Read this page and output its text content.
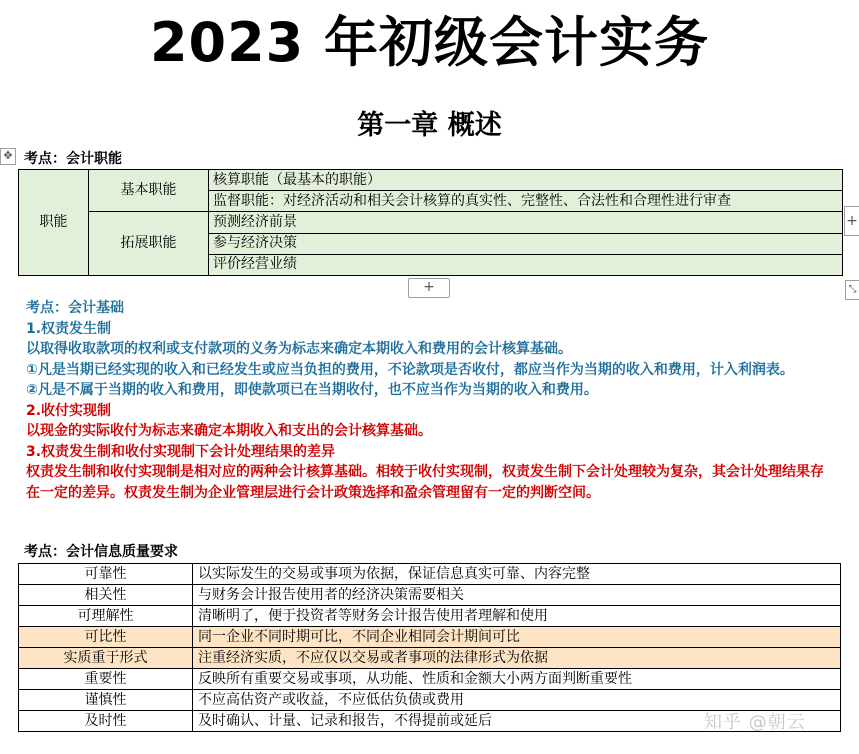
2023 年初级会计实务
第一章 概述
✥ 考点：会计职能
职能	基本职能	核算职能（最基本的职能）
		监督职能：对经济活动和相关会计核算的真实性、完整性、合法性和合理性进行审查
	拓展职能	预测经济前景
		参与经济决策
		评价经营业绩
+
+	⤡
考点：会计基础
1.权责发生制
以取得收取款项的权利或支付款项的义务为标志来确定本期收入和费用的会计核算基础。
①凡是当期已经实现的收入和已经发生或应当负担的费用，不论款项是否收付，都应当作为当期的收入和费用，计入利润表。
②凡是不属于当期的收入和费用，即使款项已在当期收付，也不应当作为当期的收入和费用。
2.收付实现制
以现金的实际收付为标志来确定本期收入和支出的会计核算基础。
3.权责发生制和收付实现制下会计处理结果的差异
权责发生制和收付实现制是相对应的两种会计核算基础。相较于收付实现制，权责发生制下会计处理较为复杂，其会计处理结果存在一定的差异。权责发生制为企业管理层进行会计政策选择和盈余管理留有一定的判断空间。
考点：会计信息质量要求
可靠性	以实际发生的交易或事项为依据，保证信息真实可靠、内容完整
相关性	与财务会计报告使用者的经济决策需要相关
可理解性	清晰明了，便于投资者等财务会计报告使用者理解和使用
可比性	同一企业不同时期可比，不同企业相同会计期间可比
实质重于形式	注重经济实质，不应仅以交易或者事项的法律形式为依据
重要性	反映所有重要交易或事项，从功能、性质和金额大小两方面判断重要性
谨慎性	不应高估资产或收益，不应低估负债或费用
及时性	及时确认、计量、记录和报告，不得提前或延后	知乎 @朝云
